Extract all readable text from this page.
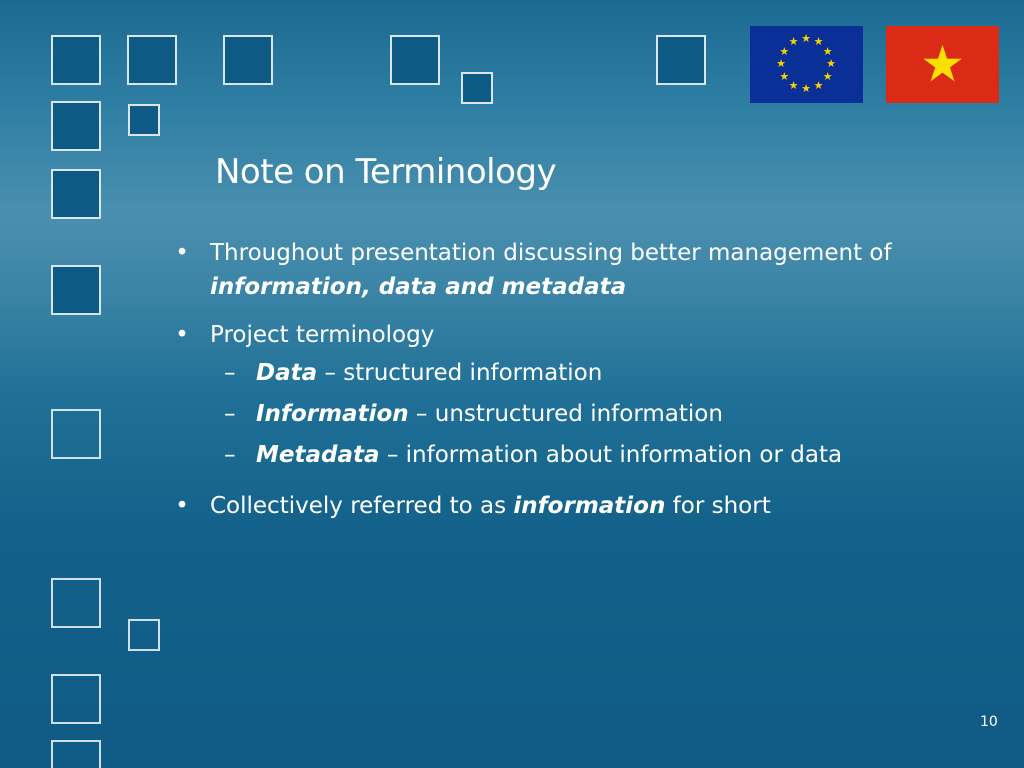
★ ★
★
★
★
★
★
★
★
★
★
★	★
Note on Terminology
• Throughout presentation discussing better management of
information, data and metadata
• Project terminology
– Data – structured information
– Information – unstructured information
– Metadata – information about information or data
• Collectively referred to as information for short
10
